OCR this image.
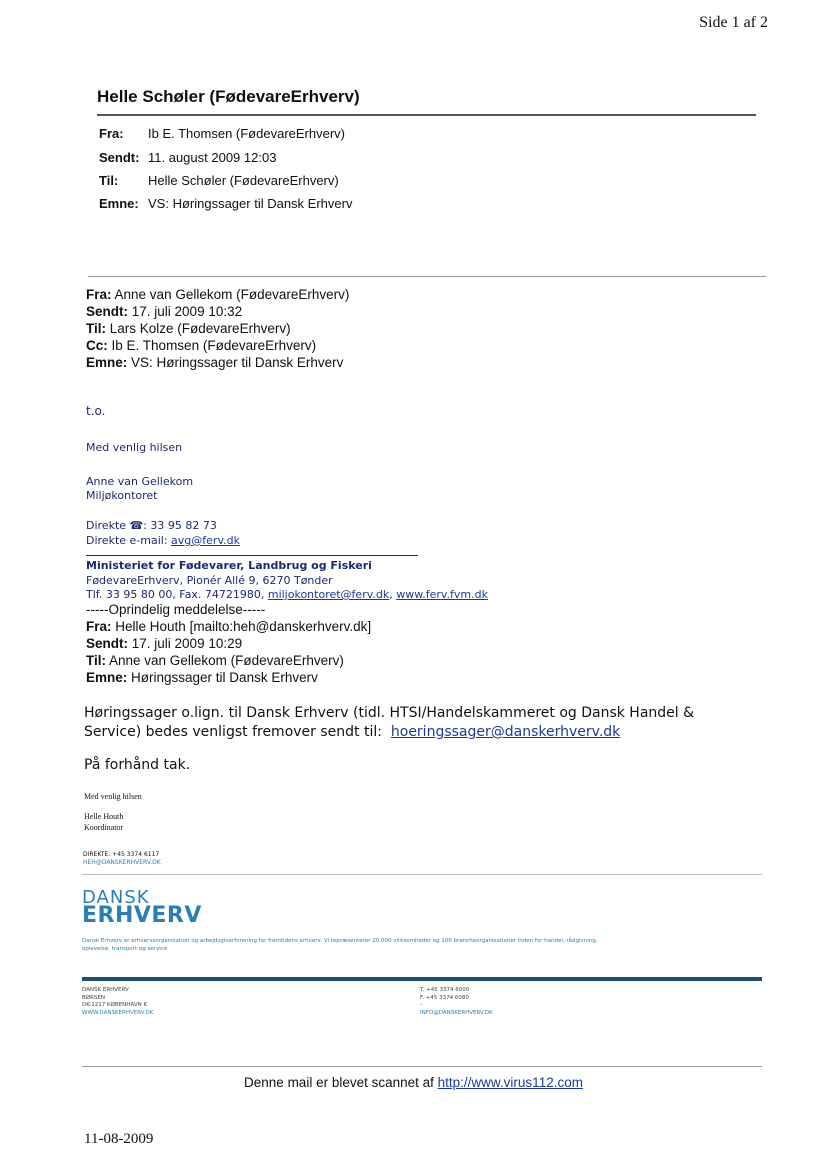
Side 1 af 2
Helle Schøler (FødevareErhverv)
Fra: Ib E. Thomsen (FødevareErhverv)
Sendt: 11. august 2009 12:03
Til: Helle Schøler (FødevareErhverv)
Emne: VS: Høringssager til Dansk Erhverv
Fra: Anne van Gellekom (FødevareErhverv)
Sendt: 17. juli 2009 10:32
Til: Lars Kolze (FødevareErhverv)
Cc: Ib E. Thomsen (FødevareErhverv)
Emne: VS: Høringssager til Dansk Erhverv
t.o.
Med venlig hilsen
Anne van Gellekom
Miljøkontoret
Direkte ☎: 33 95 82 73
Direkte e-mail: avg@ferv.dk
Ministeriet for Fødevarer, Landbrug og Fiskeri
FødevareErhverv, Pionér Allé 9, 6270 Tønder
Tlf. 33 95 80 00, Fax. 74721980, miljokontoret@ferv.dk, www.ferv.fvm.dk
-----Oprindelig meddelelse-----
Fra: Helle Houth [mailto:heh@danskerhverv.dk]
Sendt: 17. juli 2009 10:29
Til: Anne van Gellekom (FødevareErhverv)
Emne: Høringssager til Dansk Erhverv
Høringssager o.lign. til Dansk Erhverv (tidl. HTSI/Handelskammeret og Dansk Handel &
Service) bedes venligst fremover sendt til: hoeringssager@danskerhverv.dk
På forhånd tak.
Med venlig hilsen
Helle Houth
Koordinator
DIREKTE: +45 3374 6117
HEH@DANSKERHVERV.DK
DANSK
ERHVERV
Dansk Erhverv er erhvervsorganisation og arbejdsgiverforening for fremtidens erhverv. Vi repræsenterer 20.000 virksomheder og 100 brancheorganisationer inden for handel, rådgivning,
oplevelse, transport og service.
DANSK ERHVERV
BØRSEN
DK-1217 KØBENHAVN K
WWW.DANSKERHVERV.DK
T. +45 3374 6000
F. +45 3374 6080
-
INFO@DANSKERHVERV.DK
Denne mail er blevet scannet af http://www.virus112.com
11-08-2009
